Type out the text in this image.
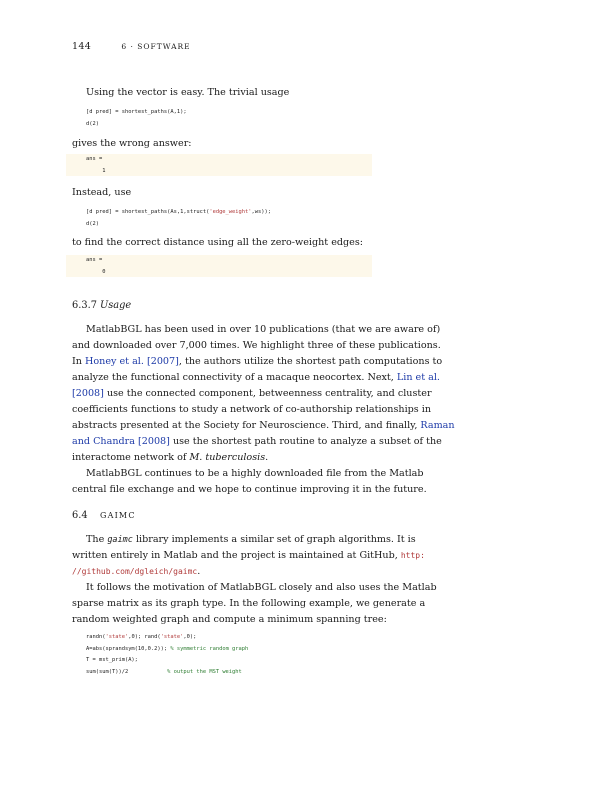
144	6 · SOFTWARE
Using the vector is easy. The trivial usage
[d pred] = shortest_paths(A,1);
d(2)
gives the wrong answer:
ans =
1
Instead, use
[d pred] = shortest_paths(As,1,struct('edge_weight',ws));
d(2)
to find the correct distance using all the zero-weight edges:
ans =
0
6.3.7 Usage
MatlabBGL has been used in over 10 publications (that we are aware of)
and downloaded over 7,000 times. We highlight three of these publications.
In Honey et al. [2007], the authors utilize the shortest path computations to
analyze the functional connectivity of a macaque neocortex. Next, Lin et al.
[2008] use the connected component, betweenness centrality, and cluster
coefficients functions to study a network of co-authorship relationships in
abstracts presented at the Society for Neuroscience. Third, and finally, Raman
and Chandra [2008] use the shortest path routine to analyze a subset of the
interactome network of M. tuberculosis.
MatlabBGL continues to be a highly downloaded file from the Matlab
central file exchange and we hope to continue improving it in the future.
6.4 GAIMC
The gaimc library implements a similar set of graph algorithms. It is
written entirely in Matlab and the project is maintained at GitHub, http:
//github.com/dgleich/gaimc.
It follows the motivation of MatlabBGL closely and also uses the Matlab
sparse matrix as its graph type. In the following example, we generate a
random weighted graph and compute a minimum spanning tree:
randn('state',0); rand('state',0);
A=abs(sprandsym(10,0.2)); % symmetric random graph
T = mst_prim(A);
sum(sum(T))/2            % output the MST weight
